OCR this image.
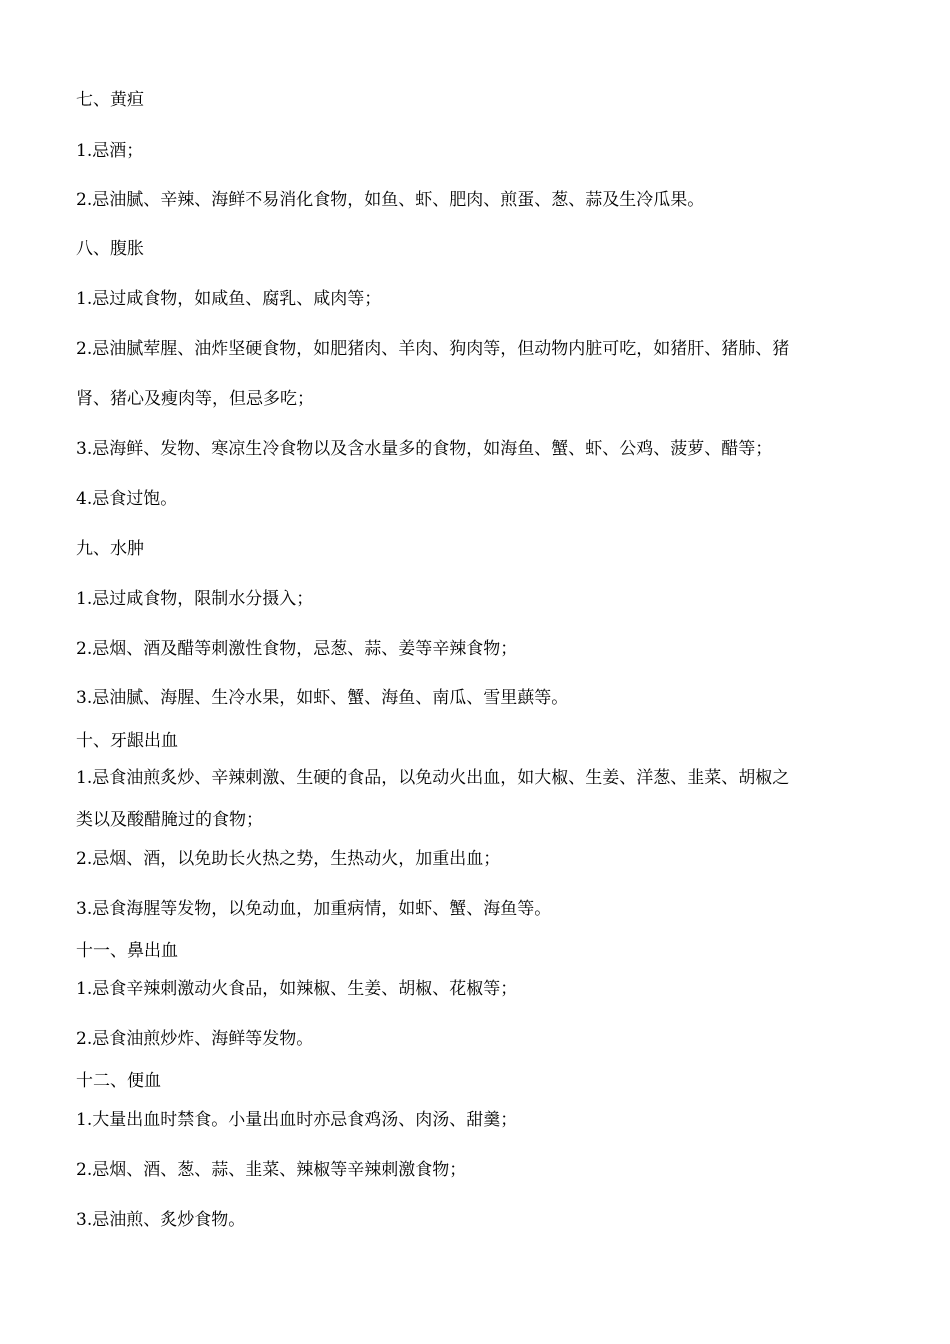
七、黄疸
1.忌酒；
2.忌油腻、辛辣、海鲜不易消化食物，如鱼、虾、肥肉、煎蛋、葱、蒜及生冷瓜果。
八、腹胀
1.忌过咸食物，如咸鱼、腐乳、咸肉等；
2.忌油腻荤腥、油炸坚硬食物，如肥猪肉、羊肉、狗肉等，但动物内脏可吃，如猪肝、猪肺、猪
肾、猪心及瘦肉等，但忌多吃；
3.忌海鲜、发物、寒凉生冷食物以及含水量多的食物，如海鱼、蟹、虾、公鸡、菠萝、醋等；
4.忌食过饱。
九、水肿
1.忌过咸食物，限制水分摄入；
2.忌烟、酒及醋等刺激性食物，忌葱、蒜、姜等辛辣食物；
3.忌油腻、海腥、生冷水果，如虾、蟹、海鱼、南瓜、雪里蕻等。
十、牙龈出血
1.忌食油煎炙炒、辛辣刺激、生硬的食品，以免动火出血，如大椒、生姜、洋葱、韭菜、胡椒之
类以及酸醋腌过的食物；
2.忌烟、酒，以免助长火热之势，生热动火，加重出血；
3.忌食海腥等发物，以免动血，加重病情，如虾、蟹、海鱼等。
十一、鼻出血
1.忌食辛辣刺激动火食品，如辣椒、生姜、胡椒、花椒等；
2.忌食油煎炒炸、海鲜等发物。
十二、便血
1.大量出血时禁食。小量出血时亦忌食鸡汤、肉汤、甜羹；
2.忌烟、酒、葱、蒜、韭菜、辣椒等辛辣刺激食物；
3.忌油煎、炙炒食物。
